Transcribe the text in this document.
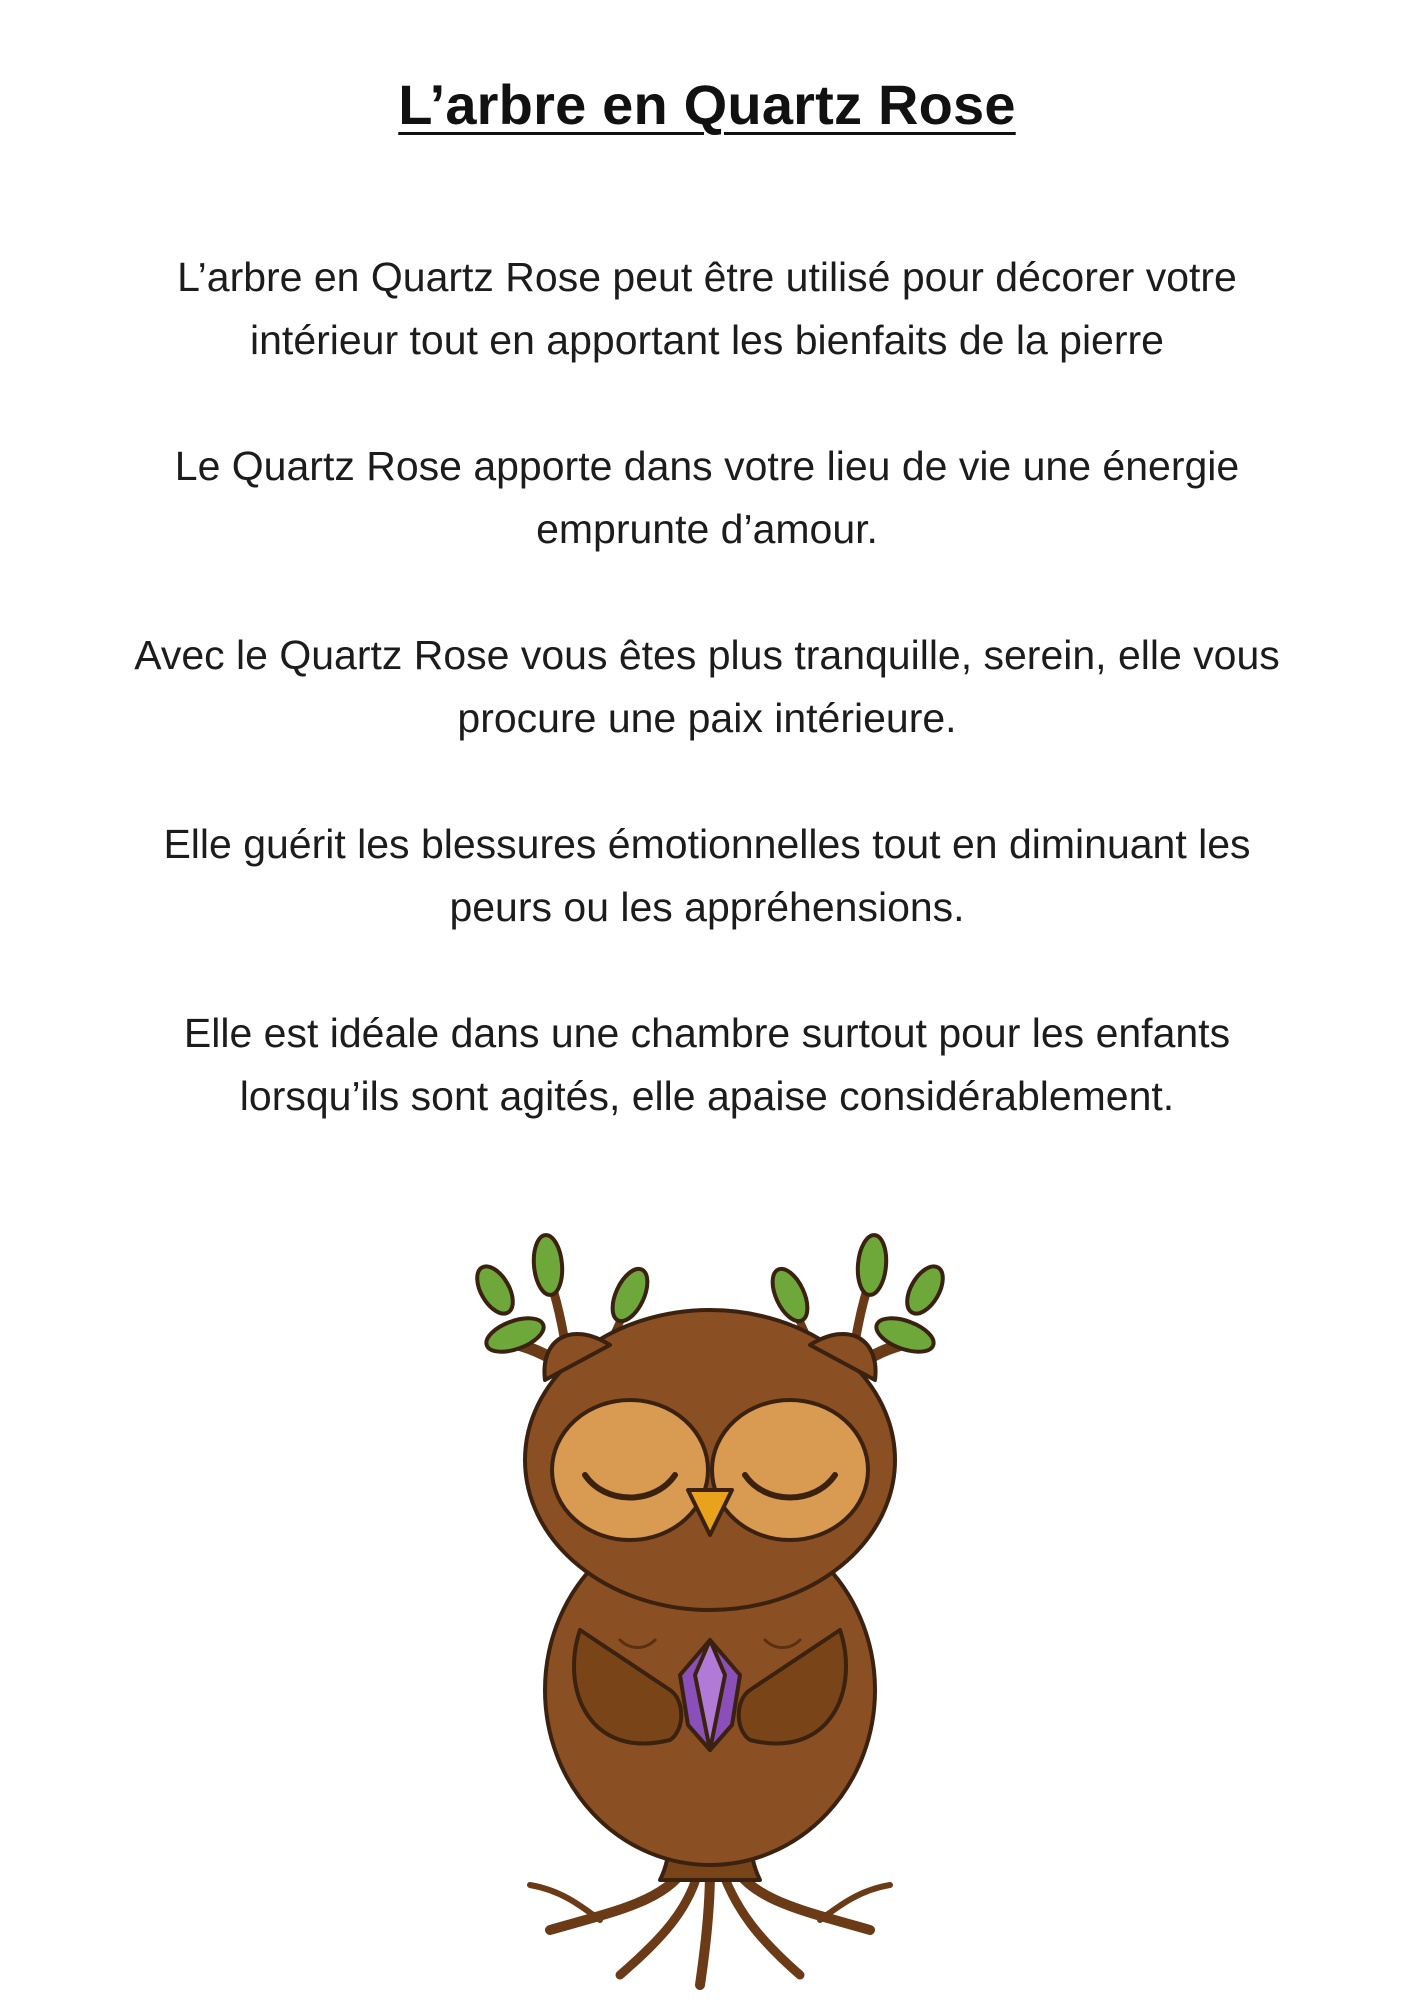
L’arbre en Quartz Rose

L’arbre en Quartz Rose peut être utilisé pour décorer votre
intérieur tout en apportant les bienfaits de la pierre

Le Quartz Rose apporte dans votre lieu de vie une énergie
emprunte d’amour.

Avec le Quartz Rose vous êtes plus tranquille, serein, elle vous
procure une paix intérieure.

Elle guérit les blessures émotionnelles tout en diminuant les
peurs ou les appréhensions.

Elle est idéale dans une chambre surtout pour les enfants
lorsqu’ils sont agités, elle apaise considérablement.
